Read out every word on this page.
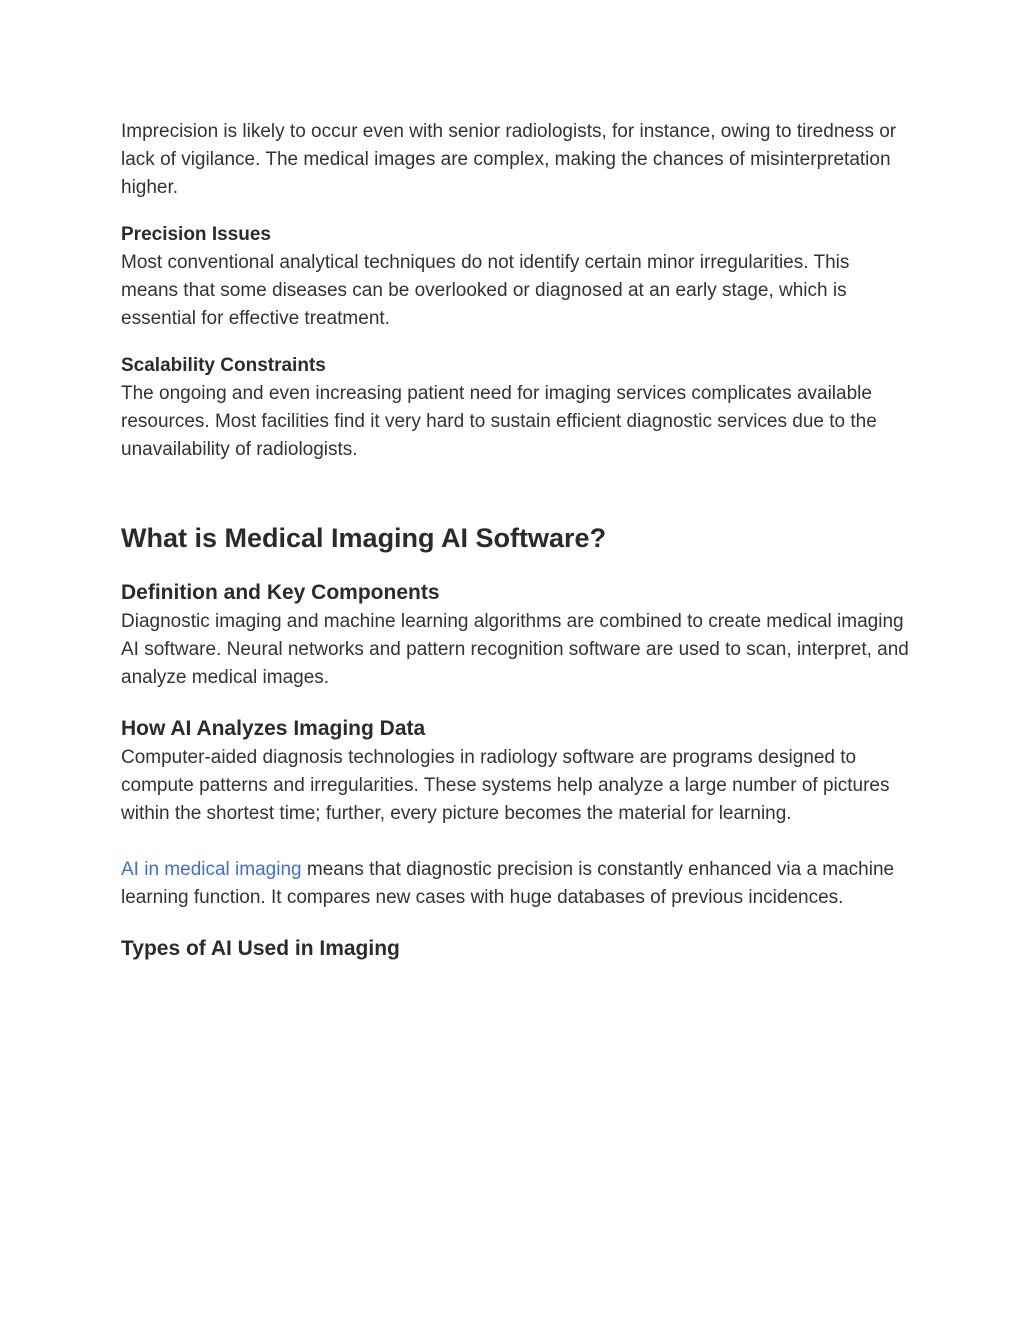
Imprecision is likely to occur even with senior radiologists, for instance, owing to tiredness or lack of vigilance. The medical images are complex, making the chances of misinterpretation higher.

Precision Issues

Most conventional analytical techniques do not identify certain minor irregularities. This means that some diseases can be overlooked or diagnosed at an early stage, which is essential for effective treatment.

Scalability Constraints

The ongoing and even increasing patient need for imaging services complicates available resources. Most facilities find it very hard to sustain efficient diagnostic services due to the unavailability of radiologists.

What is Medical Imaging AI Software?
Definition and Key Components

Diagnostic imaging and machine learning algorithms are combined to create medical imaging AI software. Neural networks and pattern recognition software are used to scan, interpret, and analyze medical images.

How AI Analyzes Imaging Data

Computer-aided diagnosis technologies in radiology software are programs designed to compute patterns and irregularities. These systems help analyze a large number of pictures within the shortest time; further, every picture becomes the material for learning.

AI in medical imaging means that diagnostic precision is constantly enhanced via a machine learning function. It compares new cases with huge databases of previous incidences.

Types of AI Used in Imaging
